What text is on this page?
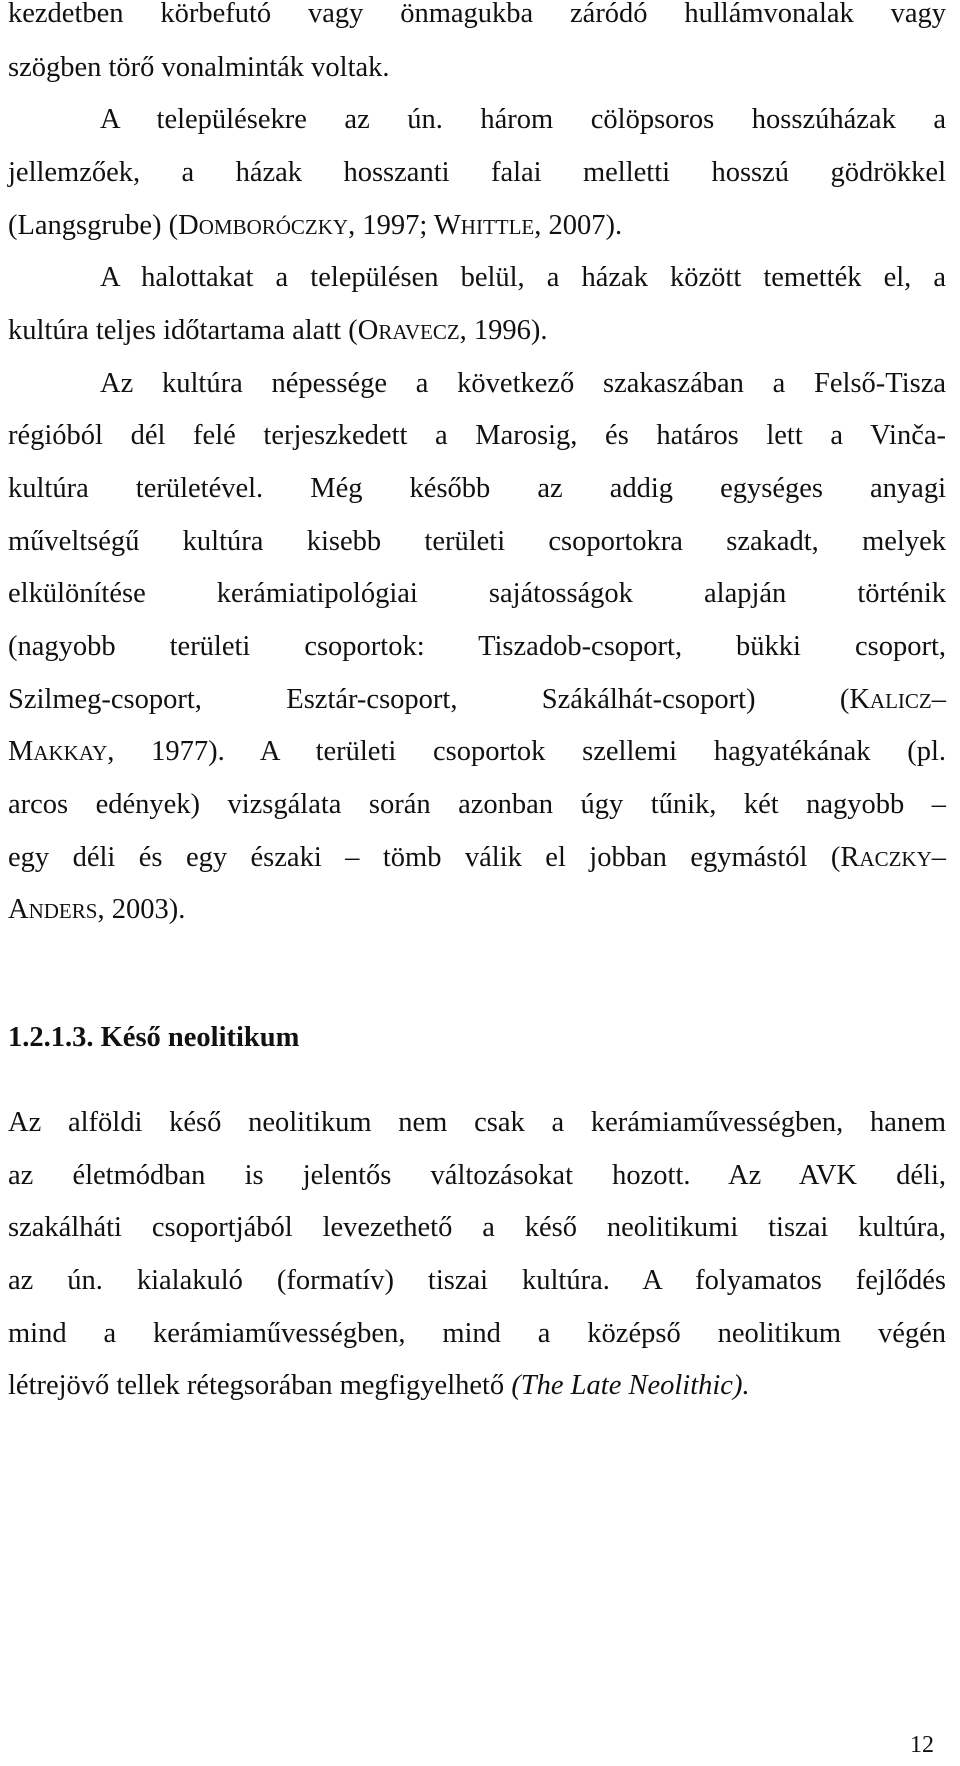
kezdetben körbefutó vagy önmagukba záródó hullámvonalak vagy
szögben törő vonalminták voltak.
A településekre az ún. három cölöpsoros hosszúházak a
jellemzőek, a házak hosszanti falai melletti hosszú gödrökkel
(Langsgrube) (DOMBORÓCZKY, 1997; WHITTLE, 2007).
A halottakat a településen belül, a házak között temették el, a
kultúra teljes időtartama alatt (ORAVECZ, 1996).
Az kultúra népessége a következő szakaszában a Felső-Tisza
régióból dél felé terjeszkedett a Marosig, és határos lett a Vinča-
kultúra területével. Még később az addig egységes anyagi
műveltségű kultúra kisebb területi csoportokra szakadt, melyek
elkülönítése kerámiatipológiai sajátosságok alapján történik
(nagyobb területi csoportok: Tiszadob-csoport, bükki csoport,
Szilmeg-csoport, Esztár-csoport, Szákálhát-csoport) (KALICZ–
MAKKAY, 1977). A területi csoportok szellemi hagyatékának (pl.
arcos edények) vizsgálata során azonban úgy tűnik, két nagyobb –
egy déli és egy északi – tömb válik el jobban egymástól (RACZKY–
ANDERS, 2003).
1.2.1.3. Késő neolitikum
Az alföldi késő neolitikum nem csak a kerámiaművességben, hanem
az életmódban is jelentős változásokat hozott. Az AVK déli,
szakálháti csoportjából levezethető a késő neolitikumi tiszai kultúra,
az ún. kialakuló (formatív) tiszai kultúra. A folyamatos fejlődés
mind a kerámiaművességben, mind a középső neolitikum végén
létrejövő tellek rétegsorában megfigyelhető (The Late Neolithic).
12
